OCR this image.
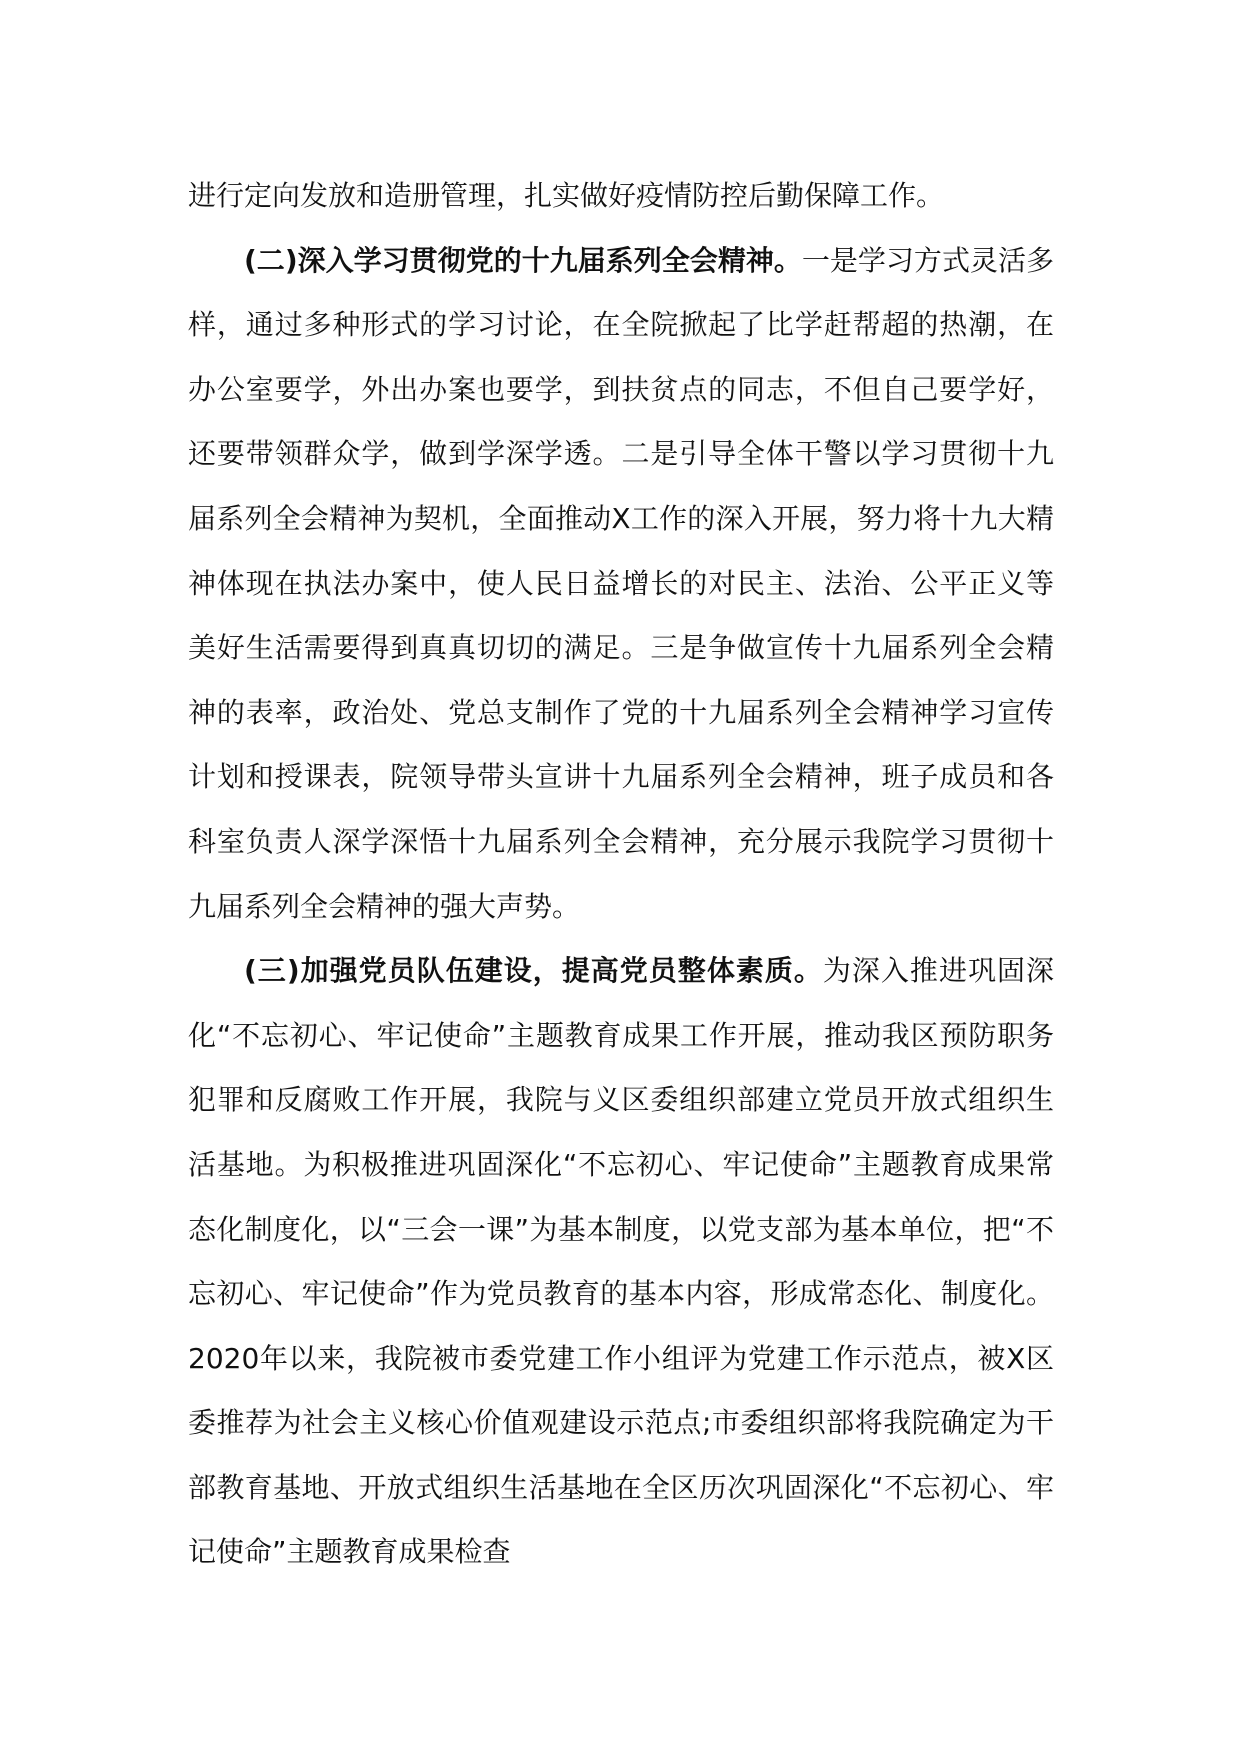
进行定向发放和造册管理，扎实做好疫情防控后勤保障工作。

(二)深入学习贯彻党的十九届系列全会精神。一是学习方式灵活多样，通过多种形式的学习讨论，在全院掀起了比学赶帮超的热潮，在办公室要学，外出办案也要学，到扶贫点的同志，不但自己要学好，还要带领群众学，做到学深学透。二是引导全体干警以学习贯彻十九届系列全会精神为契机，全面推动X工作的深入开展，努力将十九大精神体现在执法办案中，使人民日益增长的对民主、法治、公平正义等美好生活需要得到真真切切的满足。三是争做宣传十九届系列全会精神的表率，政治处、党总支制作了党的十九届系列全会精神学习宣传计划和授课表，院领导带头宣讲十九届系列全会精神，班子成员和各科室负责人深学深悟十九届系列全会精神，充分展示我院学习贯彻十九届系列全会精神的强大声势。

(三)加强党员队伍建设，提高党员整体素质。为深入推进巩固深化“不忘初心、牢记使命”主题教育成果工作开展，推动我区预防职务犯罪和反腐败工作开展，我院与义区委组织部建立党员开放式组织生活基地。为积极推进巩固深化“不忘初心、牢记使命”主题教育成果常态化制度化，以“三会一课”为基本制度，以党支部为基本单位，把“不忘初心、牢记使命”作为党员教育的基本内容，形成常态化、制度化。2020年以来，我院被市委党建工作小组评为党建工作示范点，被X区委推荐为社会主义核心价值观建设示范点;市委组织部将我院确定为干部教育基地、开放式组织生活基地在全区历次巩固深化“不忘初心、牢记使命”主题教育成果检查
